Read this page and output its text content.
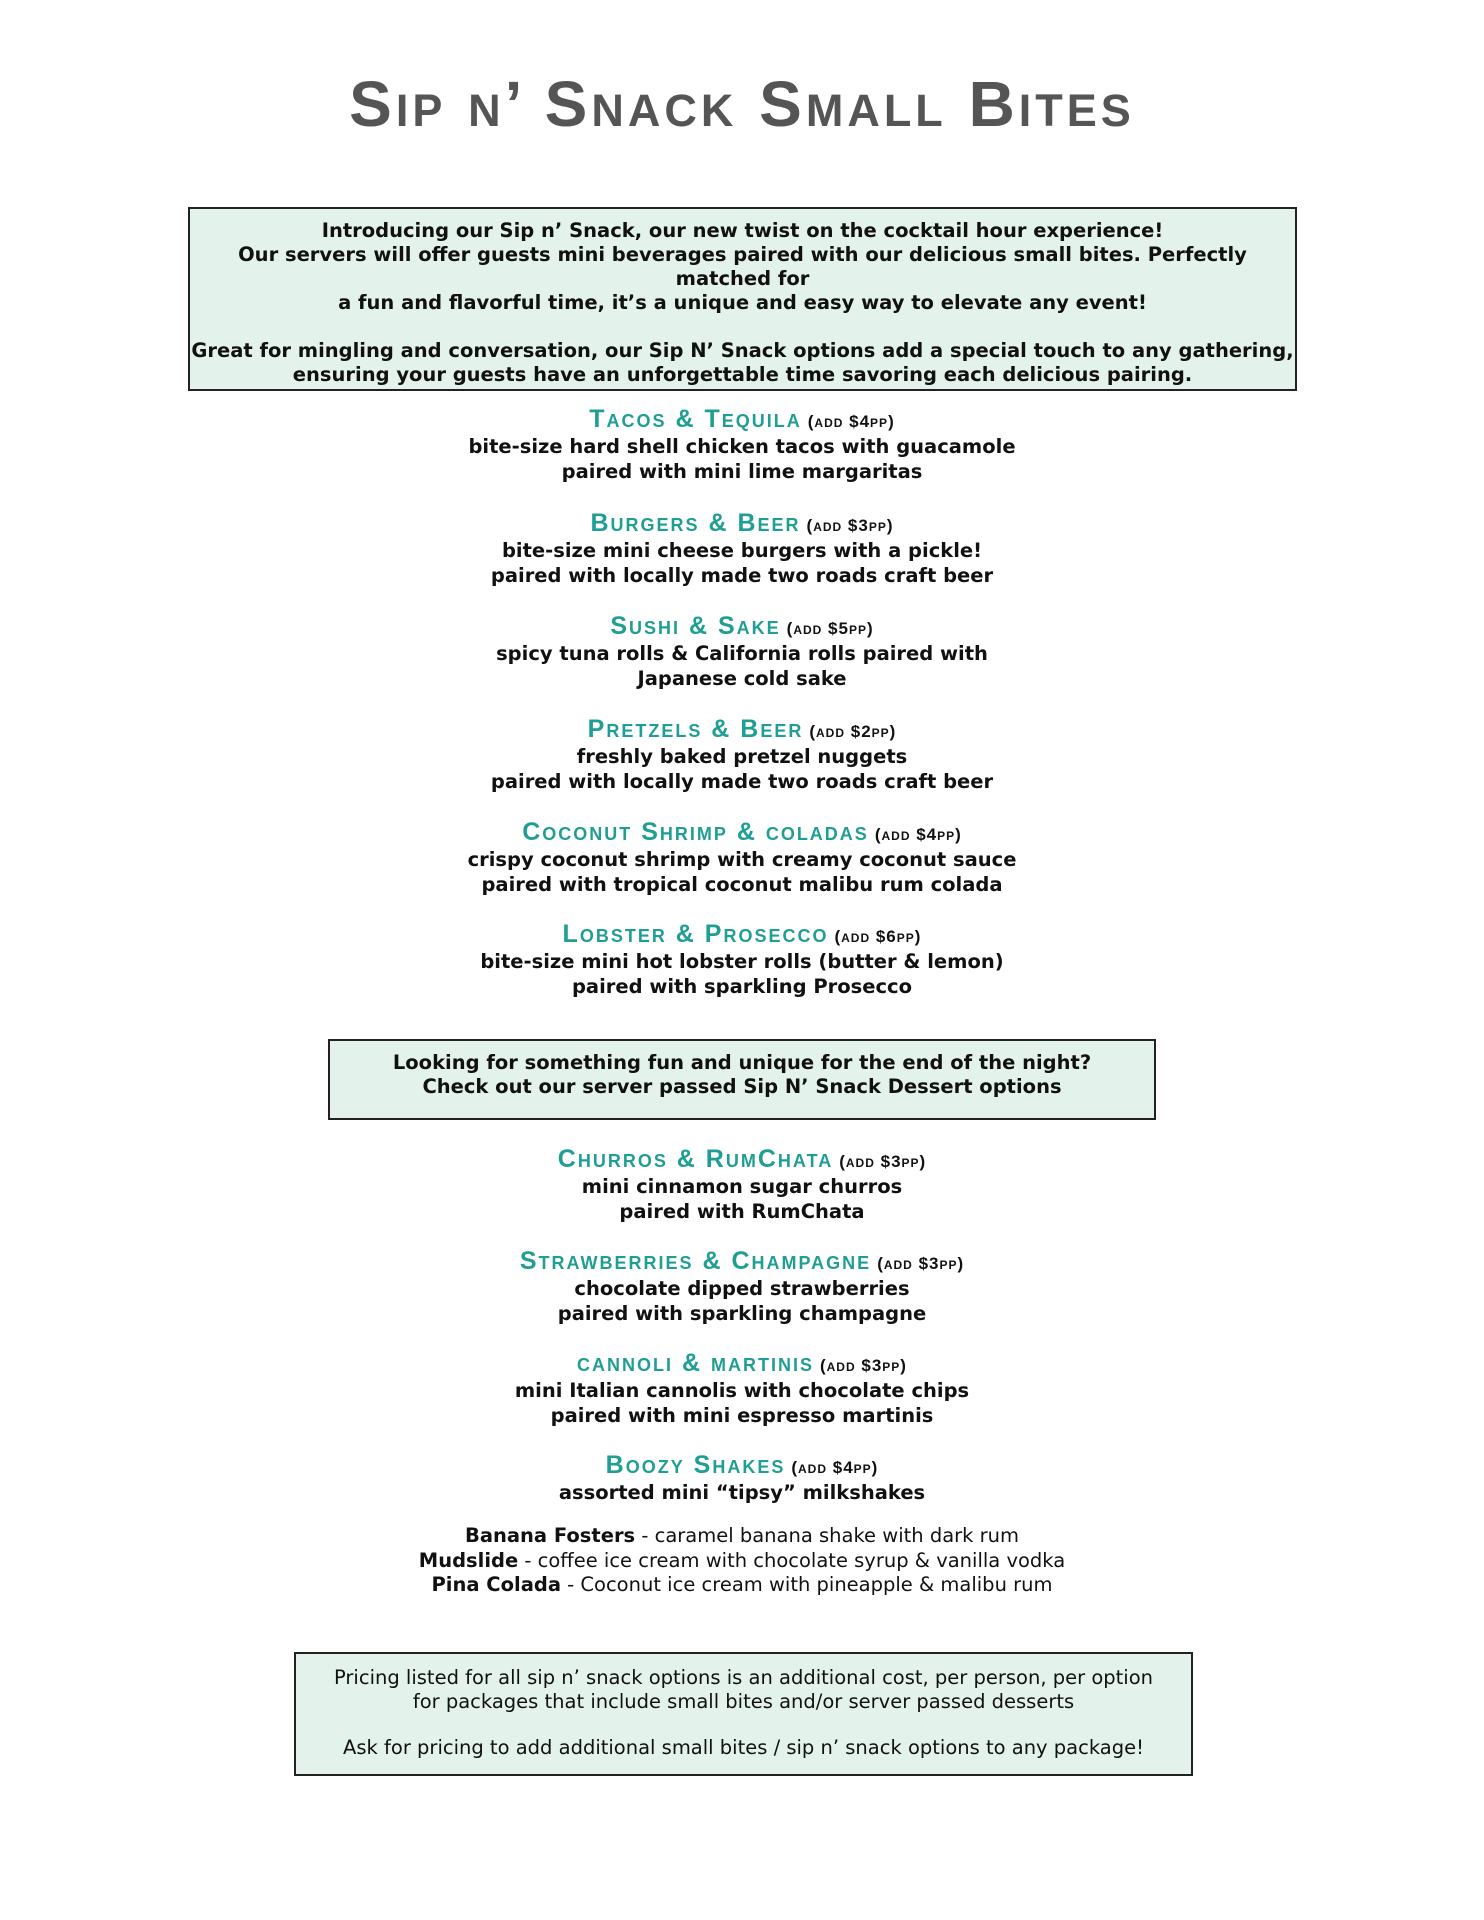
Sip n’ Snack Small Bites

Introducing our Sip n’ Snack, our new twist on the cocktail hour experience!

Our servers will offer guests mini beverages paired with our delicious small bites. Perfectly matched for

a fun and flavorful time, it’s a unique and easy way to elevate any event!

Great for mingling and conversation, our Sip N’ Snack options add a special touch to any gathering,

ensuring your guests have an unforgettable time savoring each delicious pairing.

Tacos & Tequila (add $4pp)
bite-size hard shell chicken tacos with guacamole
paired with mini lime margaritas
Burgers & Beer (add $3pp)
bite-size mini cheese burgers with a pickle!
paired with locally made two roads craft beer
Sushi & Sake (add $5pp)
spicy tuna rolls & California rolls paired with
Japanese cold sake
Pretzels & Beer (add $2pp)
freshly baked pretzel nuggets
paired with locally made two roads craft beer
Coconut Shrimp & coladas (add $4pp)
crispy coconut shrimp with creamy coconut sauce
paired with tropical coconut malibu rum colada
Lobster & Prosecco (add $6pp)
bite-size mini hot lobster rolls (butter & lemon)
paired with sparkling Prosecco

Looking for something fun and unique for the end of the night?

Check out our server passed Sip N’ Snack Dessert options

Churros & RumChata (add $3pp)
mini cinnamon sugar churros
paired with RumChata
Strawberries & Champagne (add $3pp)
chocolate dipped strawberries
paired with sparkling champagne
cannoli & martinis (add $3pp)
mini Italian cannolis with chocolate chips
paired with mini espresso martinis
Boozy Shakes (add $4pp)
assorted mini “tipsy” milkshakes
Banana Fosters - caramel banana shake with dark rum
Mudslide - coffee ice cream with chocolate syrup & vanilla vodka
Pina Colada - Coconut ice cream with pineapple & malibu rum

Pricing listed for all sip n’ snack options is an additional cost, per person, per option

for packages that include small bites and/or server passed desserts

Ask for pricing to add additional small bites / sip n’ snack options to any package!
